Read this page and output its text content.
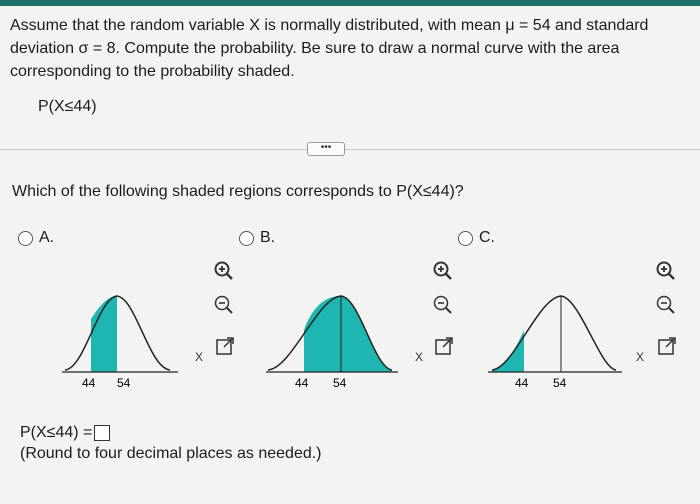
Assume that the random variable X is normally distributed, with mean μ = 54 and standard deviation σ = 8. Compute the probability. Be sure to draw a normal curve with the area corresponding to the probability shaded.
P(X≤44)
•••
Which of the following shaded regions corresponds to P(X≤44)?
A.	B.	C.
44 54
X
44 54
X
44 54
X
P(X≤44) =
(Round to four decimal places as needed.)
